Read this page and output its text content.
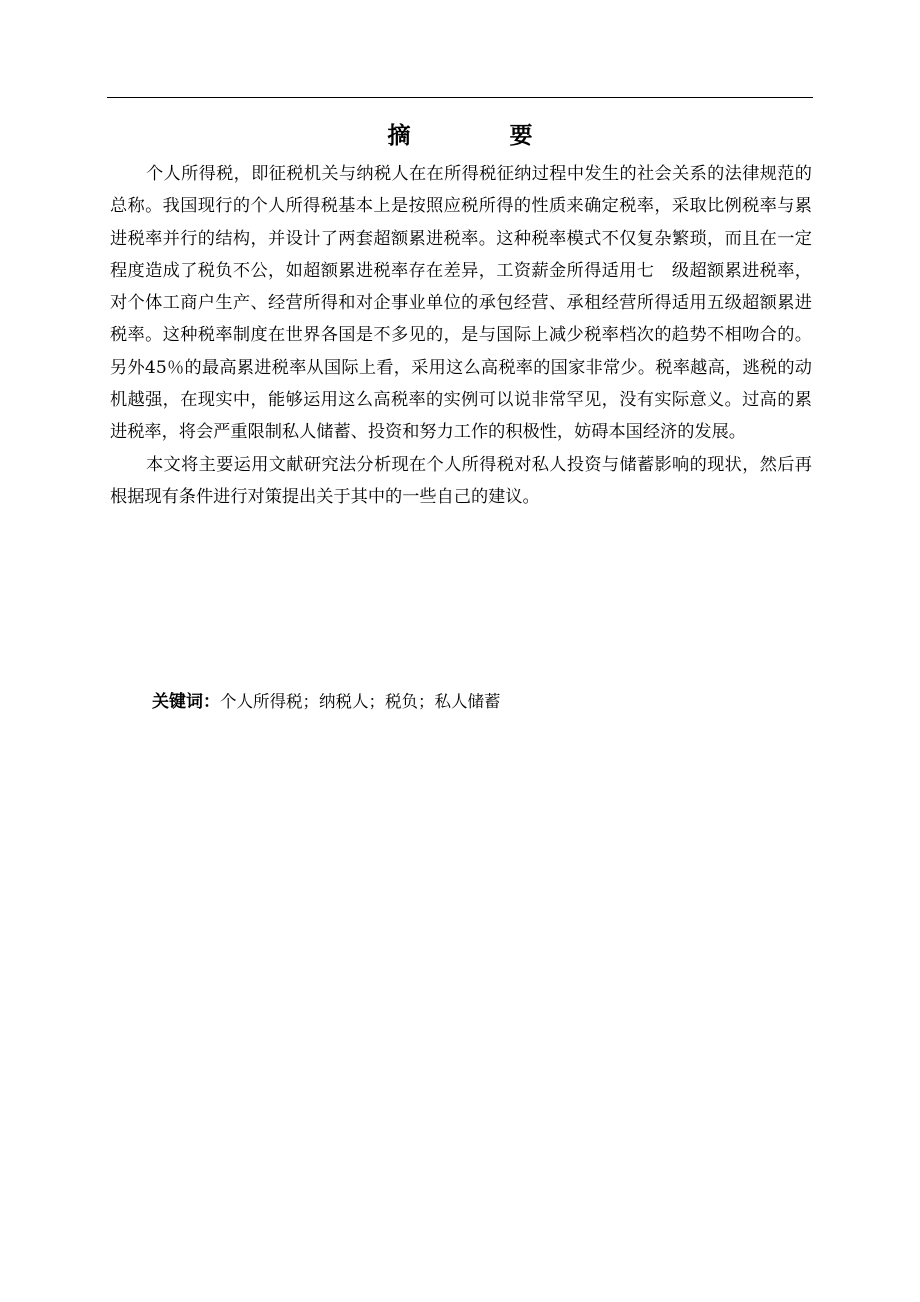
摘　要

个人所得税，即征税机关与纳税人在在所得税征纳过程中发生的社会关系的法律规范的总称。我国现行的个人所得税基本上是按照应税所得的性质来确定税率，采取比例税率与累进税率并行的结构，并设计了两套超额累进税率。这种税率模式不仅复杂繁琐，而且在一定程度造成了税负不公，如超额累进税率存在差异，工资薪金所得适用七　级超额累进税率，对个体工商户生产、经营所得和对企事业单位的承包经营、承租经营所得适用五级超额累进税率。这种税率制度在世界各国是不多见的，是与国际上减少税率档次的趋势不相吻合的。另外45％的最高累进税率从国际上看，采用这么高税率的国家非常少。税率越高，逃税的动机越强，在现实中，能够运用这么高税率的实例可以说非常罕见，没有实际意义。过高的累进税率，将会严重限制私人储蓄、投资和努力工作的积极性，妨碍本国经济的发展。

本文将主要运用文献研究法分析现在个人所得税对私人投资与储蓄影响的现状，然后再根据现有条件进行对策提出关于其中的一些自己的建议。

关键词：个人所得税；纳税人；税负；私人储蓄
